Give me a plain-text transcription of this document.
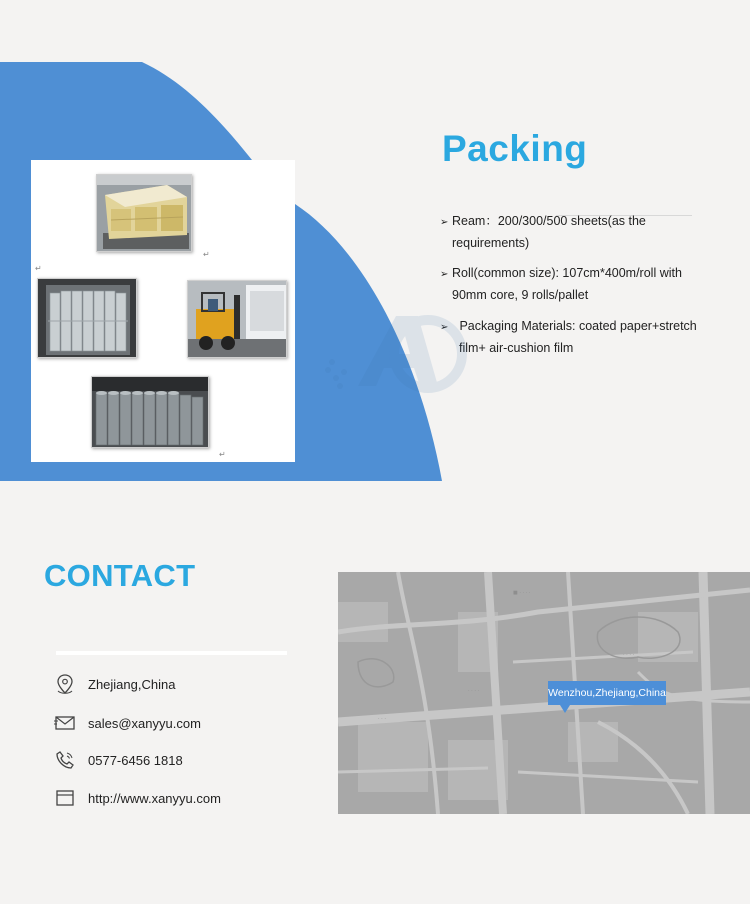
↵
↵
↵
Packing
➢ Ream：200/300/500 sheets(as the
requirements)
➢ Roll(common size): 107cm*400m/roll with
90mm core, 9 rolls/pallet
➢ Packaging Materials: coated paper+stretch
film+ air-cushion film
CONTACT
Zhejiang,China
sales@xanyyu.com
0577-6456 1818
http://www.xanyyu.com
■ · · · ·
· · ·
· · · ·
· · · ·	Wenzhou,Zhejiang,China
